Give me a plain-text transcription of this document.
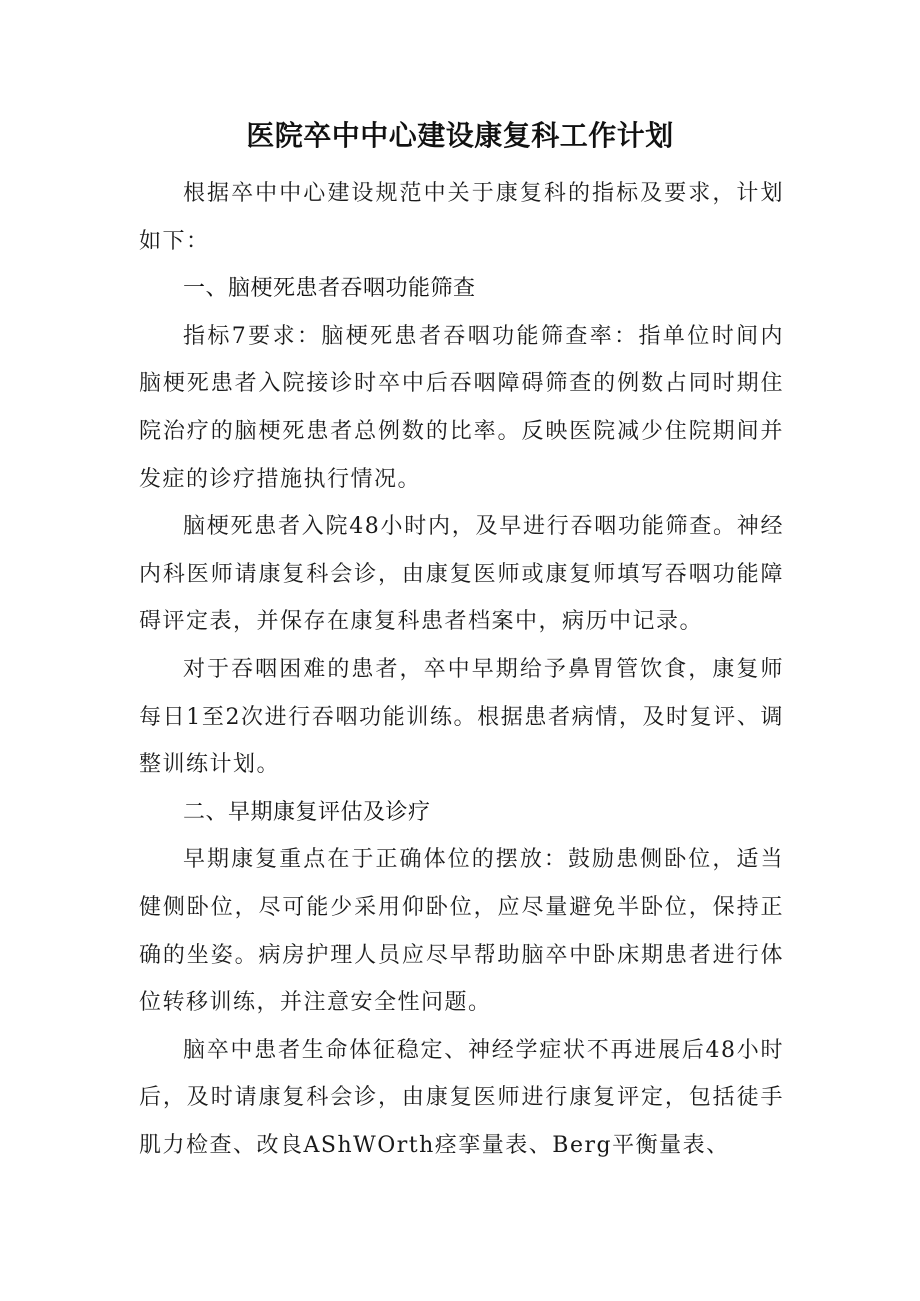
医院卒中中心建设康复科工作计划

根据卒中中心建设规范中关于康复科的指标及要求，计划如下：

一、脑梗死患者吞咽功能筛查

指标7要求：脑梗死患者吞咽功能筛查率：指单位时间内脑梗死患者入院接诊时卒中后吞咽障碍筛查的例数占同时期住院治疗的脑梗死患者总例数的比率。反映医院减少住院期间并发症的诊疗措施执行情况。

脑梗死患者入院48小时内，及早进行吞咽功能筛查。神经内科医师请康复科会诊，由康复医师或康复师填写吞咽功能障碍评定表，并保存在康复科患者档案中，病历中记录。

对于吞咽困难的患者，卒中早期给予鼻胃管饮食，康复师每日1至2次进行吞咽功能训练。根据患者病情，及时复评、调整训练计划。

二、早期康复评估及诊疗

早期康复重点在于正确体位的摆放：鼓励患侧卧位，适当健侧卧位，尽可能少采用仰卧位，应尽量避免半卧位，保持正确的坐姿。病房护理人员应尽早帮助脑卒中卧床期患者进行体位转移训练，并注意安全性问题。

脑卒中患者生命体征稳定、神经学症状不再进展后48小时后，及时请康复科会诊，由康复医师进行康复评定，包括徒手肌力检查、改良AShWOrth痉挛量表、Berg平衡量表、
